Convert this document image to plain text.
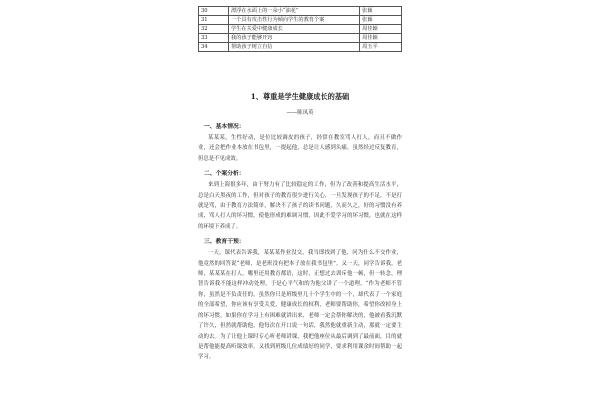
30	漂浮在水面上的一朵小“油花”	张颖
31	一个具有攻击性行为倾向学生的教育个案	张颖
32	学生在关爱中健康成长	周佳颖
33	我的孩子能够开窍	周佳颖
34	帮助孩子树立自信	周玉平
1、尊重是学生健康成长的基础
——陈凤英
一、基本情况：

某某某，生性好动，是位比较调皮的孩子，经常在教室骂人打人，而且不做作业，还会把作业本放在书包里，一提起他，总是让人感到头痛，虽然经过反复教育，但总是不见成效。

二、个案分析：

来到上海很多年，由于努力有了比较稳定的工作，但为了改善和提高生活水平，总是白天黑夜的工作，但对孩子的教育很少进行关心，一旦发现孩子的不足，不是打就是骂，由于教育方法简单，解决不了孩子的读书问题，久而久之，好的习惯没有养成，骂人打人的坏习惯，使他形成的难调习惯，因此不爱学习的坏习惯，也就在这样的环境下养成了。

三、教育干预：

一天，课代表告诉我，某某某作业没交，我当即找到了他，问为什么不交作业，他竟然的回答说“老师，是老班没有把本子放在我书包里”。又一天，同学告诉我，老师，某某某在打人，哪里还用教育都语，这时，正想过去训斥他一顿，但一转念，理智告诉我不能这样冲动处理，于是心平气和的为他父讲了一个道理，“作为老师不管你，虽然是不负责任的，虽然你只是班级里几十个学生中的一个，却代表了一个家庭的全部希望，你应该有享受关爱，健康成长的权利，老师要帮助你，希望你改掉身上的坏习惯，如果你在学习上有困难就讲出来，老师一定会帮你解决的，他被看我沉默了许久，但然就帮助他，他每次在开口说一句话，我然他就重新主动，那就一定要主动的去。为了让他上课时专心听老师讲课，我把他座位从最后调到了最前面，目的就是帮他能提高听课效率，又找到班级几位成绩好的同学，要求利用课余时间帮助一起学习。
